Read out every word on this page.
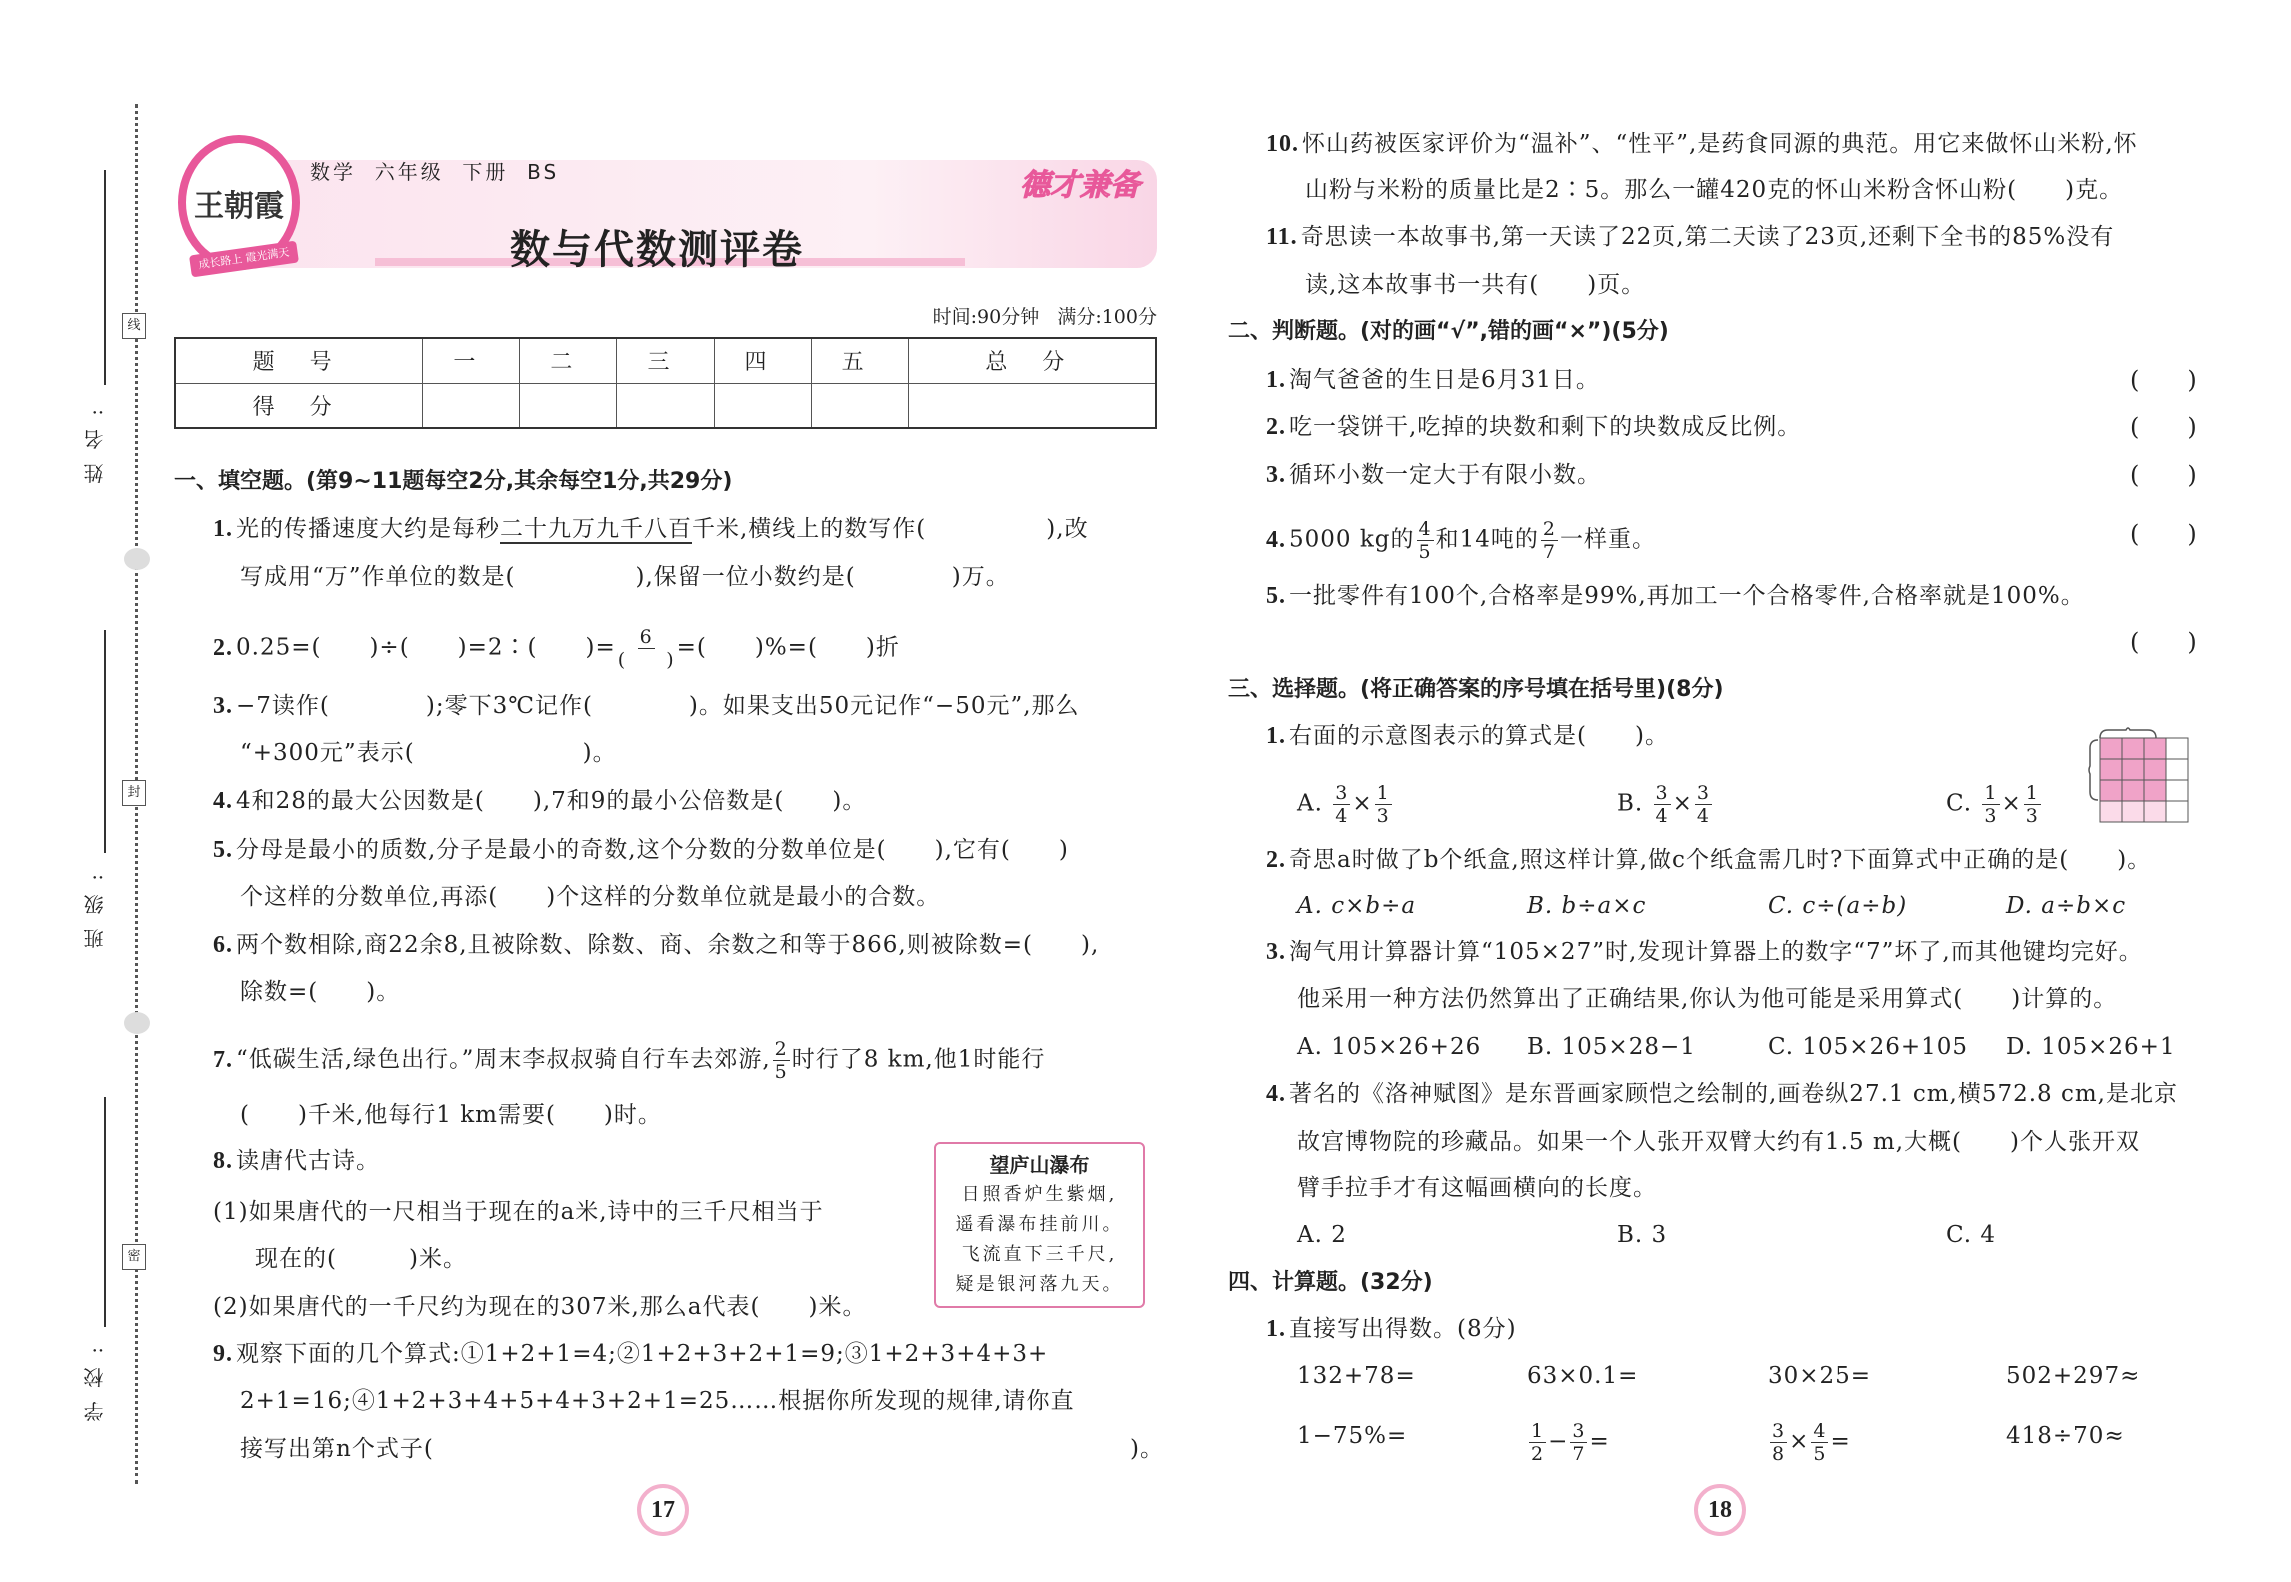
线
封
密
姓名:
班级:
学校:
王朝霞
成长路上 霞光满天
数学  六年级  下册  BS
数与代数测评卷
德才兼备
时间:90分钟   满分:100分
题 号	一	二	三	四	五	总 分
得 分						
一、填空题。(第9~11题每空2分,其余每空1分,共29分)
1. 光的传播速度大约是每秒二十九万九千八百千米,横线上的数写作(　　　　　),改
写成用“万”作单位的数是(　　　　　),保留一位小数约是(　　　　)万。
2. 0.25=(　　)÷(　　)=2∶(　　)= $\frac{6}{( )}$ =(　　)%=(　　)折
3. −7读作(　　　　);零下3℃记作(　　　　)。如果支出50元记作“−50元”,那么
“+300元”表示(　　　　　　　)。
4. 4和28的最大公因数是(　　),7和9的最小公倍数是(　　)。
5. 分母是最小的质数,分子是最小的奇数,这个分数的分数单位是(　　),它有(　　)
个这样的分数单位,再添(　　)个这样的分数单位就是最小的合数。
6. 两个数相除,商22余8,且被除数、除数、商、余数之和等于866,则被除数=(　　),
除数=(　　)。
7. “低碳生活,绿色出行。”周末李叔叔骑自行车去郊游, $\frac{2}{5}$ 时行了8 km,他1时能行
(　　)千米,他每行1 km需要(　　)时。
8. 读唐代古诗。
(1)如果唐代的一尺相当于现在的a米,诗中的三千尺相当于
现在的(　　　)米。
(2)如果唐代的一千尺约为现在的307米,那么a代表(　　)米。
望庐山瀑布
日照香炉生紫烟,
遥看瀑布挂前川。
飞流直下三千尺,
疑是银河落九天。
9. 观察下面的几个算式:①1+2+1=4;②1+2+3+2+1=9;③1+2+3+4+3+
2+1=16;④1+2+3+4+5+4+3+2+1=25……根据你所发现的规律,请你直
接写出第n个式子(	)。
17
10. 怀山药被医家评价为“温补”、“性平”,是药食同源的典范。用它来做怀山米粉,怀
山粉与米粉的质量比是2∶5。那么一罐420克的怀山米粉含怀山粉(　　)克。
11. 奇思读一本故事书,第一天读了22页,第二天读了23页,还剩下全书的85%没有
读,这本故事书一共有(　　)页。
二、判断题。(对的画“√”,错的画“×”)(5分)
1. 淘气爸爸的生日是6月31日。	(　　)
2. 吃一袋饼干,吃掉的块数和剩下的块数成反比例。	(　　)
3. 循环小数一定大于有限小数。	(　　)
4. 5000 kg的 $\frac{4}{5}$ 和14吨的 $\frac{2}{7}$ 一样重。	(　　)
5. 一批零件有100个,合格率是99%,再加工一个合格零件,合格率就是100%。
(　　)
三、选择题。(将正确答案的序号填在括号里)(8分)
1. 右面的示意图表示的算式是(　　)。
A. $\frac{3}{4} \times \frac{1}{3}$	B. $\frac{3}{4} \times \frac{3}{4}$	C. $\frac{1}{3} \times \frac{1}{3}$
2. 奇思a时做了b个纸盒,照这样计算,做c个纸盒需几时?下面算式中正确的是(　　)。
A. c×b÷a	B. b÷a×c	C. c÷(a÷b)	D. a÷b×c
3. 淘气用计算器计算“105×27”时,发现计算器上的数字“7”坏了,而其他键均完好。
他采用一种方法仍然算出了正确结果,你认为他可能是采用算式(　　)计算的。
A. 105×26+26 B. 105×28−1	C. 105×26+105 D. 105×26+1
4. 著名的《洛神赋图》是东晋画家顾恺之绘制的,画卷纵27.1 cm,横572.8 cm,是北京
故宫博物院的珍藏品。如果一个人张开双臂大约有1.5 m,大概(　　)个人张开双
臂手拉手才有这幅画横向的长度。
A. 2	B. 3	C. 4
四、计算题。(32分)
1. 直接写出得数。(8分)
132+78=	63×0.1=	30×25=	502+297≈
1−75%=	$\frac{1}{2} - \frac{3}{7}$ =	$\frac{3}{8} \times \frac{4}{5}$ =	418÷70≈
18
